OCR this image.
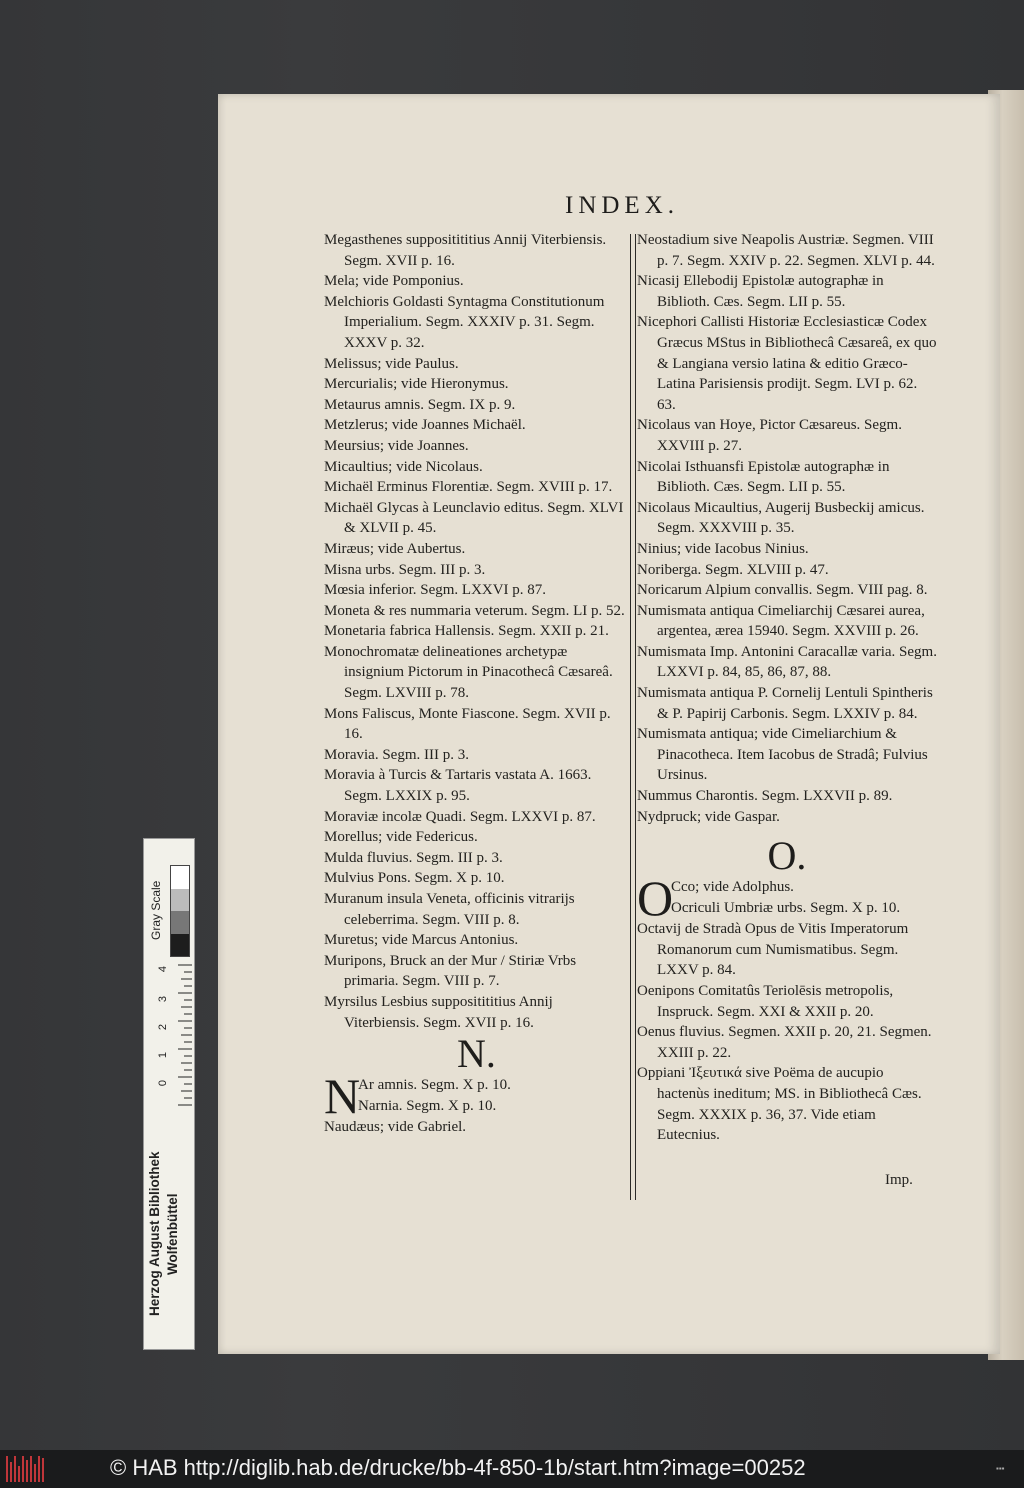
INDEX.
Megasthenes suppositititius Annij Viterbiensis. Segm. XVII p. 16.
Mela; vide Pomponius.
Melchioris Goldasti Syntagma Constitutionum Imperialium. Segm. XXXIV p. 31. Segm. XXXV p. 32.
Melissus; vide Paulus.
Mercurialis; vide Hieronymus.
Metaurus amnis. Segm. IX p. 9.
Metzlerus; vide Joannes Michaël.
Meursius; vide Joannes.
Micaultius; vide Nicolaus.
Michaël Erminus Florentiæ. Segm. XVIII p. 17.
Michaël Glycas à Leunclavio editus. Segm. XLVI & XLVII p. 45.
Miræus; vide Aubertus.
Misna urbs. Segm. III p. 3.
Mœsia inferior. Segm. LXXVI p. 87.
Moneta & res nummaria veterum. Segm. LI p. 52.
Monetaria fabrica Hallensis. Segm. XXII p. 21.
Monochromatæ delineationes archetypæ insignium Pictorum in Pinacothecâ Cæsareâ. Segm. LXVIII p. 78.
Mons Faliscus, Monte Fiascone. Segm. XVII p. 16.
Moravia. Segm. III p. 3.
Moravia à Turcis & Tartaris vastata A. 1663. Segm. LXXIX p. 95.
Moraviæ incolæ Quadi. Segm. LXXVI p. 87.
Morellus; vide Federicus.
Mulda fluvius. Segm. III p. 3.
Mulvius Pons. Segm. X p. 10.
Muranum insula Veneta, officinis vitrarijs celeberrima. Segm. VIII p. 8.
Muretus; vide Marcus Antonius.
Muripons, Bruck an der Mur / Stiriæ Vrbs primaria. Segm. VIII p. 7.
Myrsilus Lesbius suppositititius Annij Viterbiensis. Segm. XVII p. 16.
N.
N
Ar amnis. Segm. X p. 10.
Narnia. Segm. X p. 10.
Naudæus; vide Gabriel.
Neostadium sive Neapolis Austriæ. Segmen. VIII p. 7. Segm. XXIV p. 22. Segmen. XLVI p. 44.
Nicasij Ellebodij Epistolæ autographæ in Biblioth. Cæs. Segm. LII p. 55.
Nicephori Callisti Historiæ Ecclesiasticæ Codex Græcus MStus in Bibliothecâ Cæsareâ, ex quo & Langiana versio latina & editio Græco-Latina Parisiensis prodijt. Segm. LVI p. 62. 63.
Nicolaus van Hoye, Pictor Cæsareus. Segm. XXVIII p. 27.
Nicolai Isthuansfi Epistolæ autographæ in Biblioth. Cæs. Segm. LII p. 55.
Nicolaus Micaultius, Augerij Busbeckij amicus. Segm. XXXVIII p. 35.
Ninius; vide Iacobus Ninius.
Noriberga. Segm. XLVIII p. 47.
Noricarum Alpium convallis. Segm. VIII pag. 8.
Numismata antiqua Cimeliarchij Cæsarei aurea, argentea, ærea 15940. Segm. XXVIII p. 26.
Numismata Imp. Antonini Caracallæ varia. Segm. LXXVI p. 84, 85, 86, 87, 88.
Numismata antiqua P. Cornelij Lentuli Spintheris & P. Papirij Carbonis. Segm. LXXIV p. 84.
Numismata antiqua; vide Cimeliarchium & Pinacotheca. Item Iacobus de Stradâ; Fulvius Ursinus.
Nummus Charontis. Segm. LXXVII p. 89.
Nydpruck; vide Gaspar.
O.
O
Cco; vide Adolphus.
Ocriculi Umbriæ urbs. Segm. X p. 10.
Octavij de Stradà Opus de Vitis Imperatorum Romanorum cum Numismatibus. Segm. LXXV p. 84.
Oenipons Comitatûs Teriolēsis metropolis, Inspruck. Segm. XXI & XXII p. 20.
Oenus fluvius. Segmen. XXII p. 20, 21. Segmen. XXIII p. 22.
Oppiani Ἰξευτικά sive Poëma de aucupio hactenùs ineditum; MS. in Bibliothecâ Cæs. Segm. XXXIX p. 36, 37. Vide etiam Eutecnius.
Imp.
Gray Scale
4
3
2
1
0
Herzog August Bibliothek Wolfenbüttel
© HAB http://diglib.hab.de/drucke/bb-4f-850-1b/start.htm?image=00252	▪▪▪
